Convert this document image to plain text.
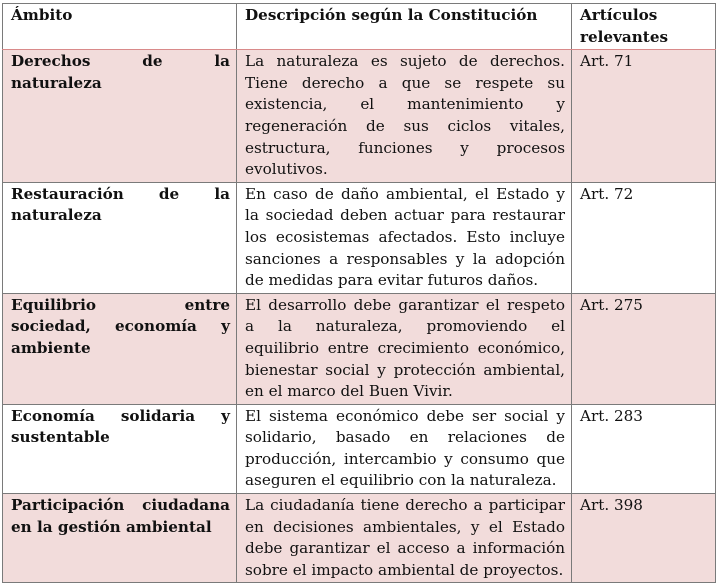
Ámbito	Descripción según la Constitución	Artículos relevantes
Derechos de la naturaleza	La naturaleza es sujeto de derechos. Tiene derecho a que se respete su existencia, el mantenimiento y regeneración de sus ciclos vitales, estructura, funciones y procesos evolutivos.	Art. 71
Restauración de la naturaleza	En caso de daño ambiental, el Estado y la sociedad deben actuar para restaurar los ecosistemas afectados. Esto incluye sanciones a responsables y la adopción de medidas para evitar futuros daños.	Art. 72
Equilibrio entre sociedad, economía y ambiente	El desarrollo debe garantizar el respeto a la naturaleza, promoviendo el equilibrio entre crecimiento económico, bienestar social y protección ambiental, en el marco del Buen Vivir.	Art. 275
Economía solidaria y sustentable	El sistema económico debe ser social y solidario, basado en relaciones de producción, intercambio y consumo que aseguren el equilibrio con la naturaleza.	Art. 283
Participación ciudadana en la gestión ambiental	La ciudadanía tiene derecho a participar en decisiones ambientales, y el Estado debe garantizar el acceso a información sobre el impacto ambiental de proyectos.	Art. 398
